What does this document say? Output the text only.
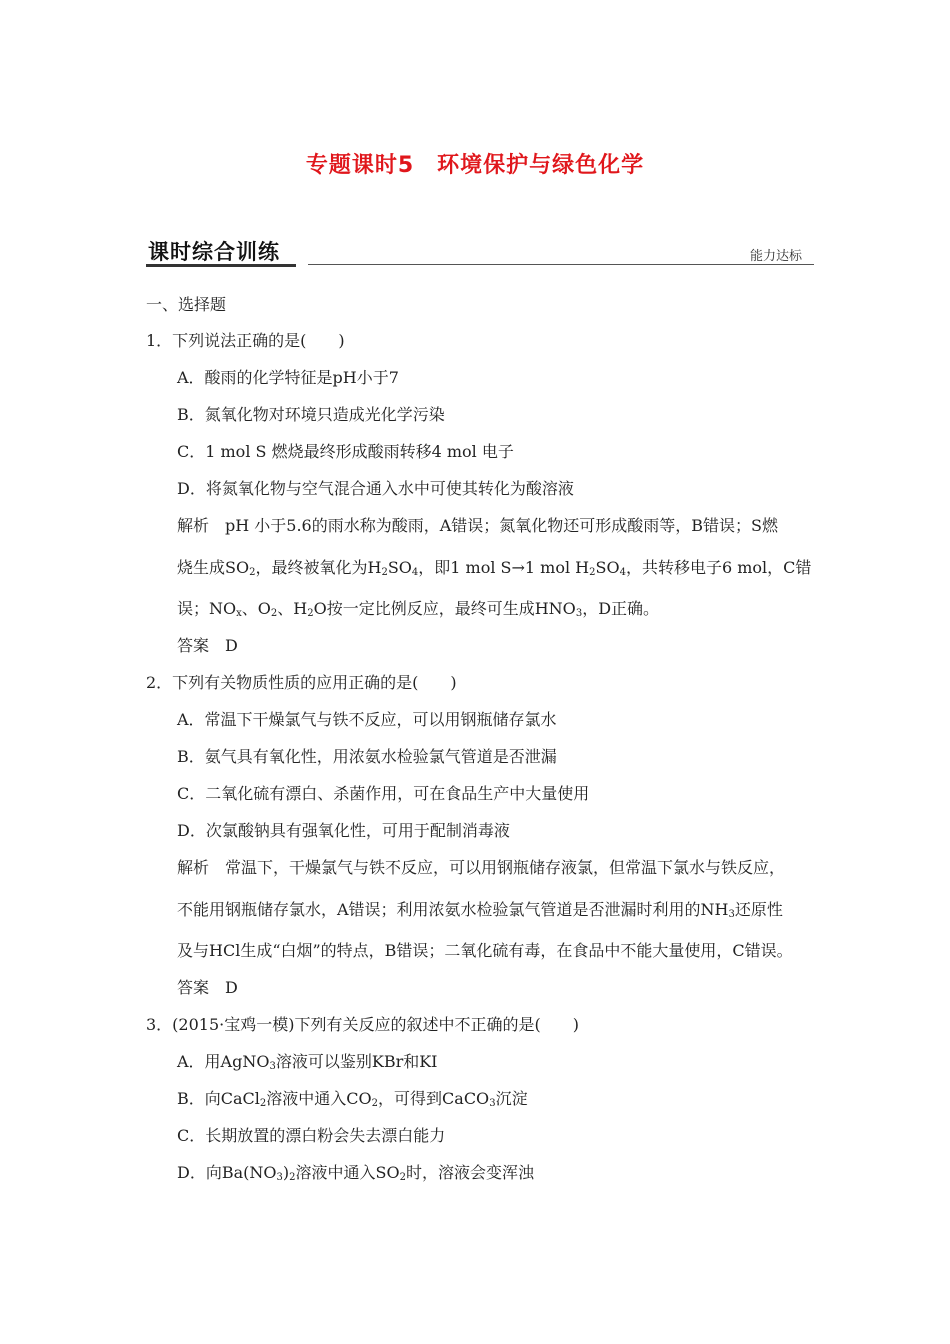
专题课时5　环境保护与绿色化学
课时综合训练	能力达标
一、选择题
1．下列说法正确的是(　　)
A．酸雨的化学特征是pH小于7
B．氮氧化物对环境只造成光化学污染
C．1 mol S 燃烧最终形成酸雨转移4 mol 电子
D．将氮氧化物与空气混合通入水中可使其转化为酸溶液
解析　pH 小于5.6的雨水称为酸雨，A错误；氮氧化物还可形成酸雨等，B错误；S燃
烧生成$SO_2$，最终被氧化为$H_2SO_4$，即1 mol S→1 mol $H_2SO_4$，共转移电子6 mol，C错
误；$NO_x$、$O_2$、$H_2O$按一定比例反应，最终可生成$HNO_3$，D正确。
答案　D
2．下列有关物质性质的应用正确的是(　　)
A．常温下干燥氯气与铁不反应，可以用钢瓶储存氯水
B．氨气具有氧化性，用浓氨水检验氯气管道是否泄漏
C．二氧化硫有漂白、杀菌作用，可在食品生产中大量使用
D．次氯酸钠具有强氧化性，可用于配制消毒液
解析　常温下，干燥氯气与铁不反应，可以用钢瓶储存液氯，但常温下氯水与铁反应，
不能用钢瓶储存氯水，A错误；利用浓氨水检验氯气管道是否泄漏时利用的$NH_3$还原性
及与HCl生成“白烟”的特点，B错误；二氧化硫有毒，在食品中不能大量使用，C错误。
答案　D
3．(2015·宝鸡一模)下列有关反应的叙述中不正确的是(　　)
A．用AgNO$_3$溶液可以鉴别KBr和KI
B．向CaCl$_2$溶液中通入$CO_2$，可得到CaCO$_3$沉淀
C．长期放置的漂白粉会失去漂白能力
D．向$Ba(NO_3)_2$溶液中通入$SO_2$时，溶液会变浑浊
